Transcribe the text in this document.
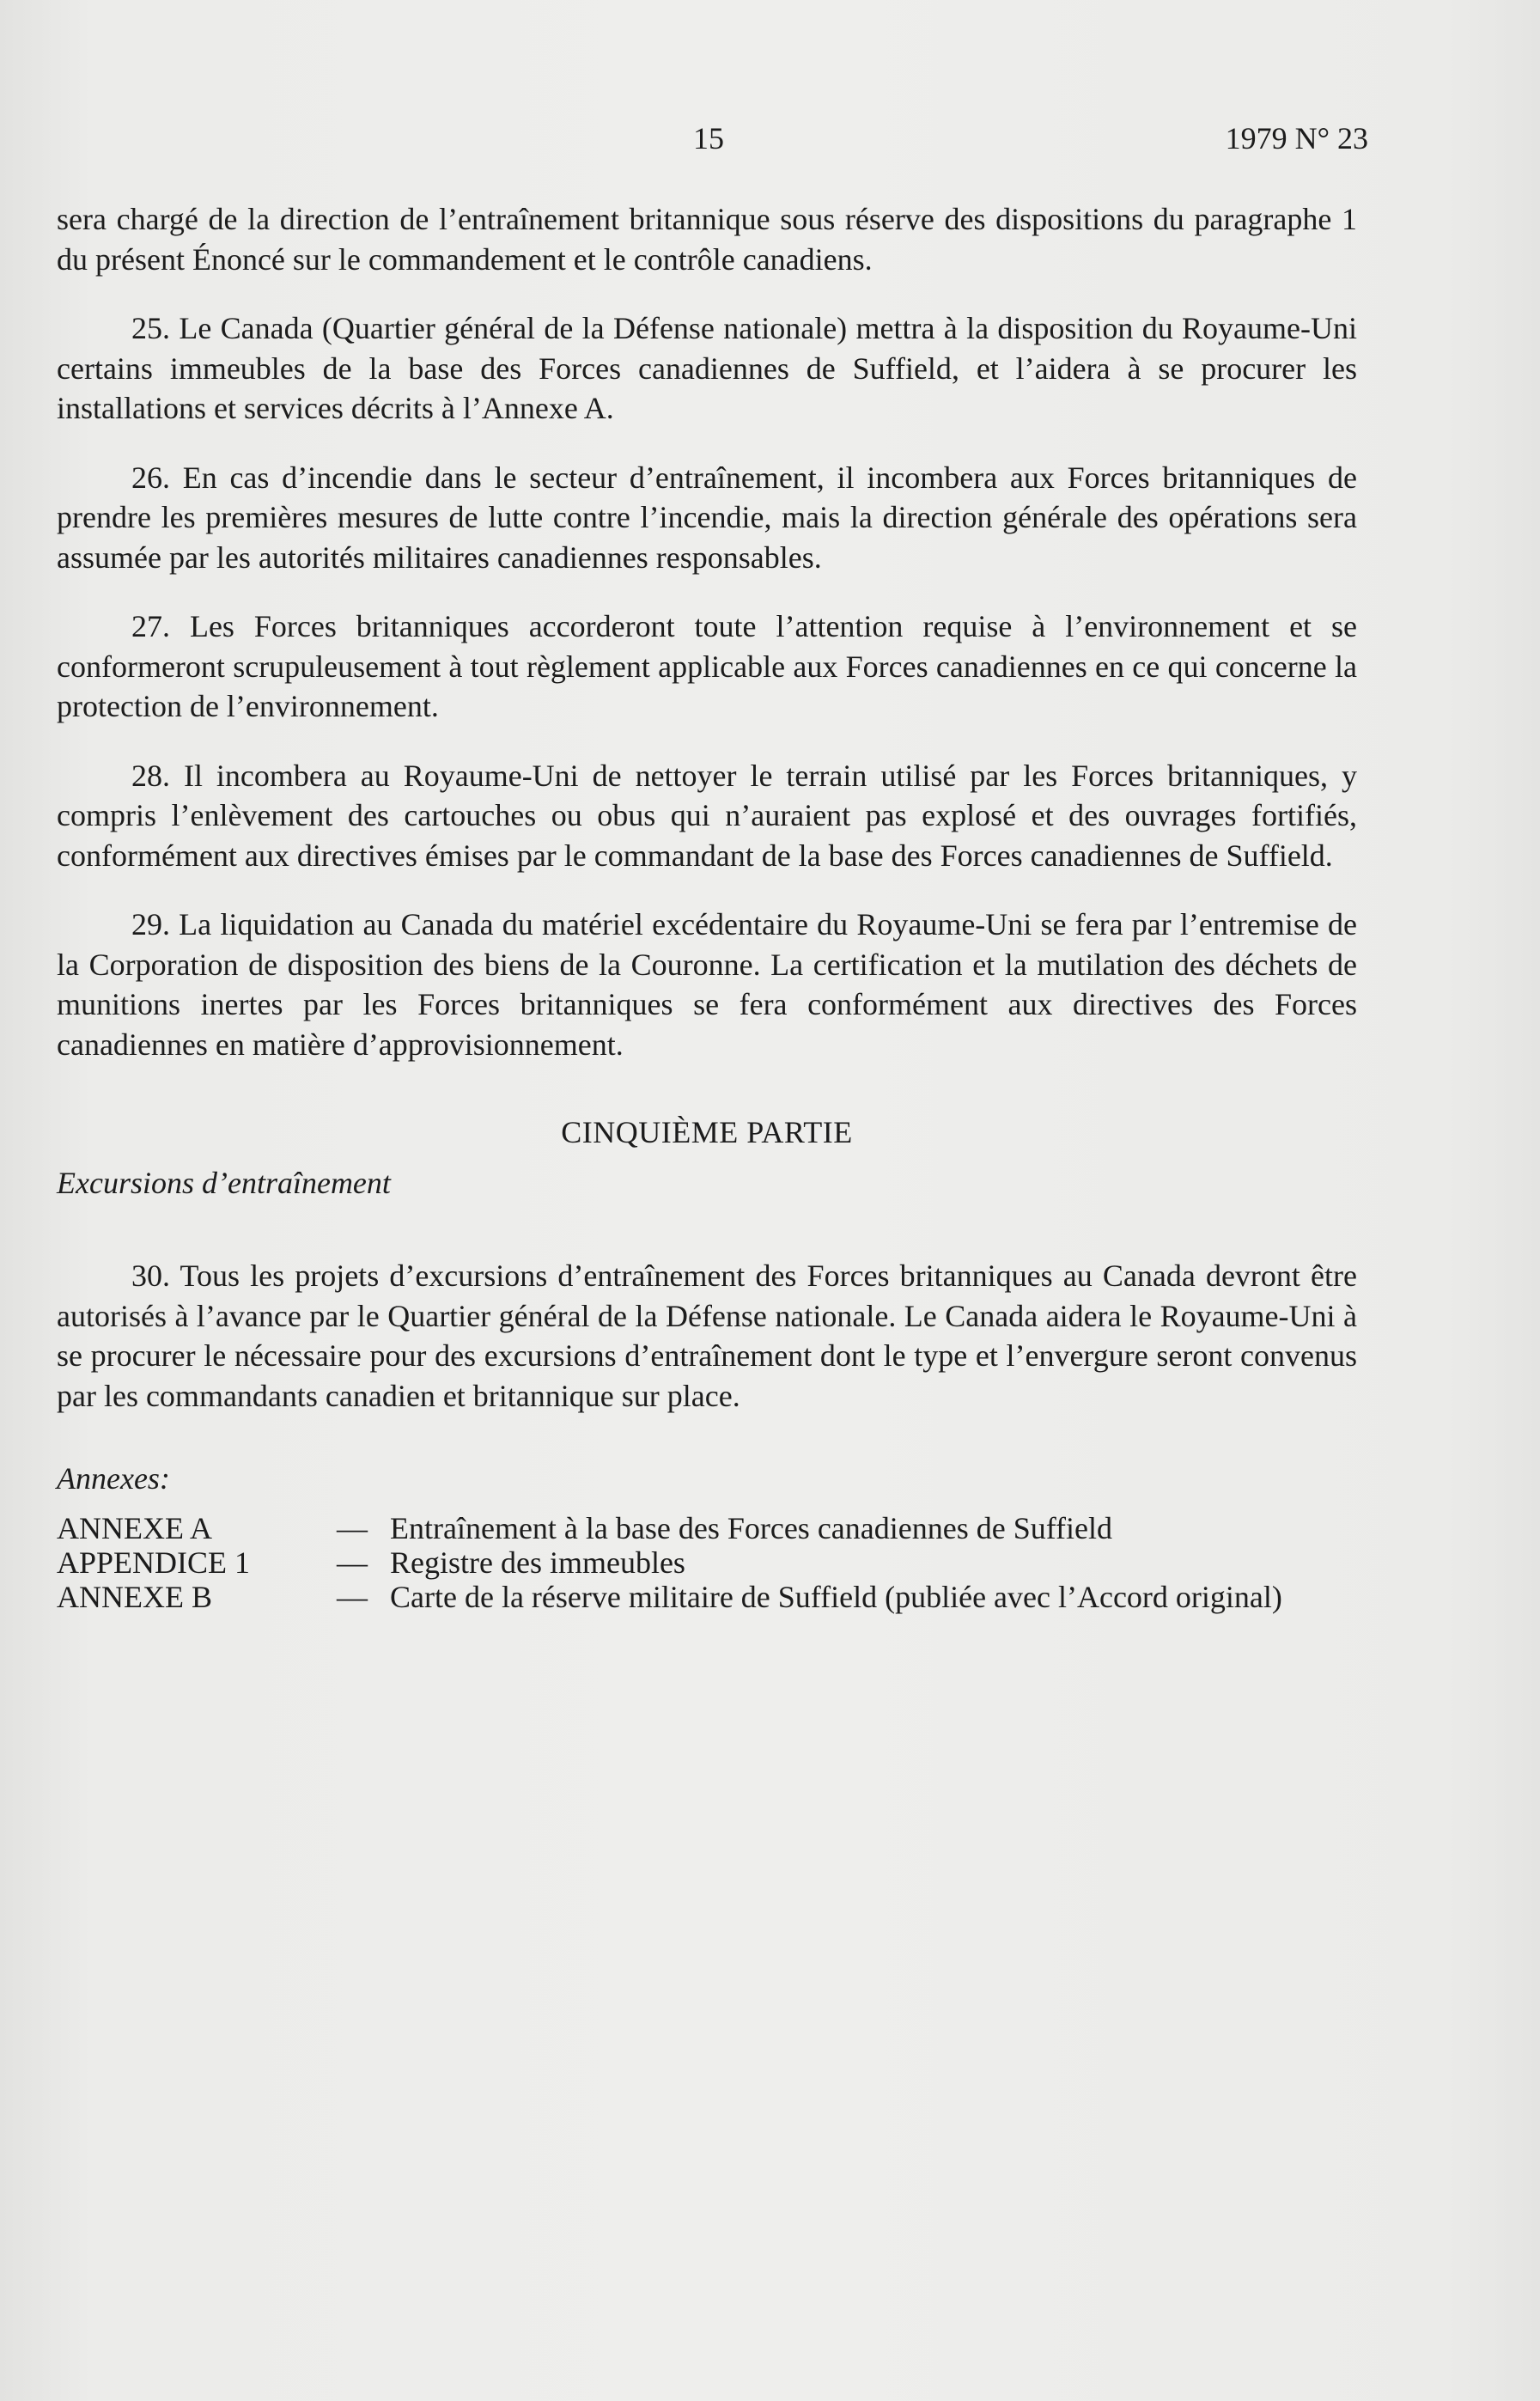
15	1979 N° 23

sera chargé de la direction de l’entraînement britannique sous réserve des dispositions du paragraphe 1 du présent Énoncé sur le commandement et le contrôle canadiens.

25. Le Canada (Quartier général de la Défense nationale) mettra à la disposition du Royaume-Uni certains immeubles de la base des Forces canadiennes de Suffield, et l’aidera à se procurer les installations et services décrits à l’Annexe A.

26. En cas d’incendie dans le secteur d’entraînement, il incombera aux Forces britanniques de prendre les premières mesures de lutte contre l’incendie, mais la direction générale des opérations sera assumée par les autorités militaires canadiennes responsables.

27. Les Forces britanniques accorderont toute l’attention requise à l’environnement et se conformeront scrupuleusement à tout règlement applicable aux Forces canadiennes en ce qui concerne la protection de l’environnement.

28. Il incombera au Royaume-Uni de nettoyer le terrain utilisé par les Forces britanniques, y compris l’enlèvement des cartouches ou obus qui n’auraient pas explosé et des ouvrages fortifiés, conformément aux directives émises par le commandant de la base des Forces canadiennes de Suffield.

29. La liquidation au Canada du matériel excédentaire du Royaume-Uni se fera par l’entremise de la Corporation de disposition des biens de la Couronne. La certification et la mutilation des déchets de munitions inertes par les Forces britanniques se fera conformément aux directives des Forces canadiennes en matière d’approvisionnement.

CINQUIÈME PARTIE
Excursions d’entraînement

30. Tous les projets d’excursions d’entraînement des Forces britanniques au Canada devront être autorisés à l’avance par le Quartier général de la Défense nationale. Le Canada aidera le Royaume-Uni à se procurer le nécessaire pour des excursions d’entraînement dont le type et l’envergure seront convenus par les commandants canadien et britannique sur place.

Annexes:
ANNEXE A	—	Entraînement à la base des Forces canadiennes de Suffield
APPENDICE 1	—	Registre des immeubles
ANNEXE B	—	Carte de la réserve militaire de Suffield (publiée avec l’Accord original)
